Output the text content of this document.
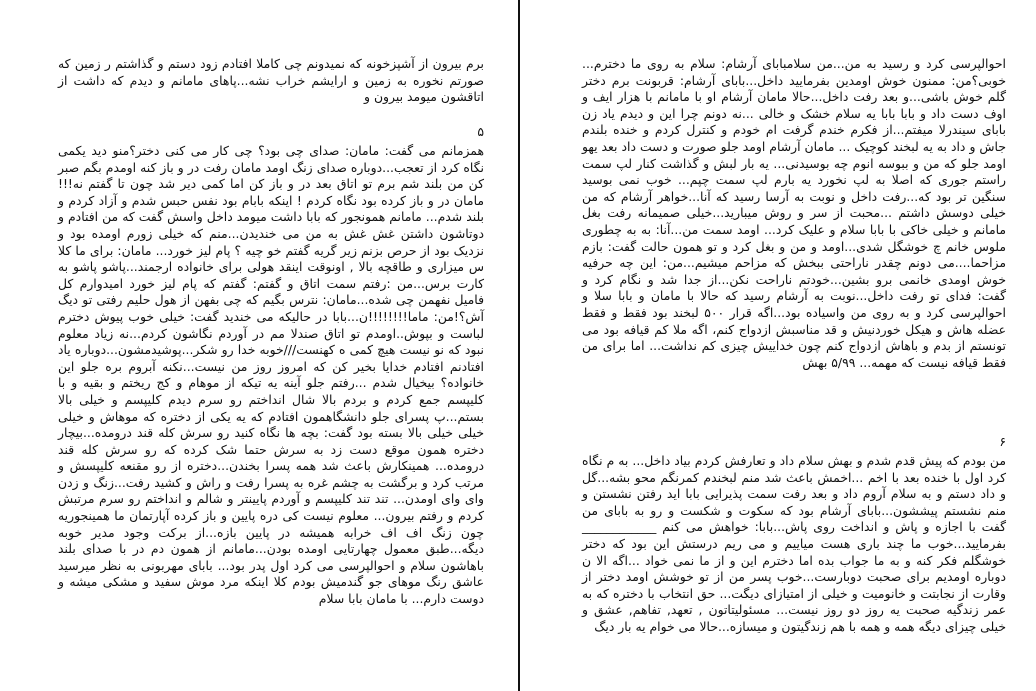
برم بیرون از آشپزخونه که نمیدونم چی کاملا افتادم زود دستم و گذاشتم ر زمین که صورتم نخوره به زمین و ارایشم خراب نشه...پاهای مامانم و دیدم که داشت از اتاقشون میومد بیرون و

۵

همزمانم می گفت: مامان: صدای چی بود؟ چی کار می کنی دختر؟منو دید یکمی نگاه کرد از تعجب...دوباره صدای زنگ اومد مامان رفت در و باز کنه اومدم بگم صبر کن من بلند شم برم تو اتاق بعد در و باز کن اما کمی دیر شد چون تا گفتم نه!!! مامان در و باز کرده بود نگاه کردم ! اینکه بابام بود نفس حبس شدم و آزاد کردم و بلند شدم... مامانم همونجور که بابا داشت میومد داخل واسش گفت که من افتادم و دوتاشون داشتن غش غش به من می خندیدن...منم که خیلی زورم اومده بود و نزدیک بود از حرص بزنم زیر گریه گفتم خو چیه ؟ پام لیز خورد... مامان: برای ما کلا س میزاری و طاقچه بالا , اونوقت اینقد هولی برای خانواده ارجمند...پاشو پاشو به کارت برس...من :رفتم سمت اتاق و گفتم: گفتم که پام لیز خورد امیدوارم کل فامیل نفهمن چی شده...مامان: نترس بگیم که چی بفهن از هول حلیم رفتی تو دیگ آش؟!من: ماما!!!!!!!!ن...بابا در حالیکه می خندید گفت: خیلی خوب پیوش دخترم لباست و بپوش..اومدم تو اتاق صندلا مم در آوردم نگاشون کردم...نه زیاد معلوم نبود که نو نیست هیچ کمی ه کهنست///خوبه خدا رو شکر...پوشیدمشون...دوباره یاد افتادنم افتادم خدایا بخیر کن که امروز روز من نیست...نکنه آبروم بره جلو این خانواده؟ بیخیال شدم ...رفتم جلو آینه یه تیکه از موهام و کج ریختم و بقیه و با کلیپسم جمع کردم و بردم بالا شال انداختم رو سرم دیدم کلیپسم و خیلی بالا بستم...پ پسرای جلو دانشگاهمون افتادم که یه یکی از دختره که موهاش و خیلی خیلی خیلی بالا بسته بود گفت: بچه ها نگاه کنید رو سرش کله قند درومده...بیچار دختره همون موقع دست زد به سرش حتما شک کرده که رو سرش کله قند درومده... همینکارش باعث شد همه پسرا بخندن...دختره از رو مقنعه کلیپسش و مرتب کرد و برگشت به چشم غره به پسرا رفت و راش و کشید رفت...زنگ و زدن وای وای اومدن... تند تند کلیپسم و آوردم پایینتر و شالم و انداختم رو سرم مرتبش کردم و رفتم بیرون... معلوم نیست کی دره پایین و باز کرده آپارتمان ما همینجوریه چون زنگ اف اف خرابه همیشه در پایین بازه...از برکت وجود مدیر خوبه دیگه...طبق معمول چهارتایی اومده بودن...مامانم از همون دم در با صدای بلند باهاشون سلام و احوالپرسی می کرد اول پدر بود... بابای مهربونی به نظر میرسید عاشق رنگ موهای جو گندمیش بودم کلا اینکه مرد موش سفید و مشکی میشه و دوست دارم... با مامان بابا سلام

احوالپرسی کرد و رسید به من...من سلامبابای آرشام: سلام به روی ما دخترم... خوبی؟من: ممنون خوش اومدین بفرمایید داخل...بابای آرشام: قربونت برم دختر گلم خوش باشی...و بعد رفت داخل...حالا مامان آرشام او با مامانم با هزار ایف و اوف دست داد و بابا بابا یه سلام خشک و خالی ...نه دونم چرا این و دیدم یاد زن بابای سیندرلا میفتم...از فکرم خندم گرفت ام خودم و کنترل کردم و خنده بلندم جاش و داد به یه لبخند کوچیک ... مامان آرشام اومد جلو صورت و دست داد بعد یهو اومد جلو که من و ببوسه انوم چه بوسیدنی... یه بار لبش و گذاشت کنار لپ سمت راستم جوری که اصلا به لپ نخورد یه بارم لپ سمت چپم... خوب نمی بوسید سنگین تر بود که...رفت داخل و نوبت به آرسا رسید که آنا...خواهر آرشام که من خیلی دوسش داشتم ...محبت از سر و روش میبارید...خیلی صمیمانه رفت بغل مامانم و خیلی خاکی با بابا سلام و علیک کرد... اومد سمت من...آنا: به به چطوری ملوس خانم چ خوشگل شدی...اومد و من و بغل کرد و تو همون حالت گفت: بازم مزاحما....می دونم چقدر ناراحتی ببخش که مزاحم میشیم...من: این چه حرفیه خوش اومدی خانمی برو بشین...خودتم ناراحت نکن...از جدا شد و نگام کرد و گفت: فدای تو رفت داخل...نوبت به آرشام رسید که حالا با مامان و بابا سلا و احوالپرسی کرد و به روی من واسیاده بود...اگه قرار ۵۰۰ لبخند بود فقط و فقط عضله هاش و هیکل خوردنیش و قد مناسبش ازدواج کنم، اگه ملا کم قیافه بود می تونستم از بدم و باهاش ازدواج کنم چون خداییش چیزی کم نداشت... اما برای من فقط قیافه نیست که مهمه... ۵/۹۹ بهش

۶

من بودم که پیش قدم شدم و بهش سلام داد و تعارفش کردم بیاد داخل... به م نگاه کرد اول با خنده بعد با اخم ...اخمش باعث شد منم لبخندم کمرنگم محو بشه...گل و داد دستم و به سلام آروم داد و بعد رفت سمت پذیرایی بابا اید رفتن نشستن و منم نشستم پیششون...بابای آرشام بود که سکوت و شکست و رو به بابای من گفت با اجازه و پاش و انداخت روی پاش...بابا: خواهش می کنم ____________ بفرمایید...خوب ما چند باری هست میاییم و می ریم درستش این بود که دختر خوشگلم فکر کنه و به ما جواب بده اما دخترم این و از ما نمی خواد ...اگه الا ن دوباره اومدیم برای صحبت دوبارست...خوب پسر من از تو خوشش اومد دختر از وقارت از نجابتت و خانومیت و خیلی از امتیازای دیگت... حق انتخاب با دختره که به عمر زندگیه صحبت یه روز دو روز نیست... مسئولیتاتون , تعهد, تفاهم, عشق و خیلی چیزای دیگه همه و همه با هم زندگیتون و میسازه...حالا می خوام یه بار دیگ
